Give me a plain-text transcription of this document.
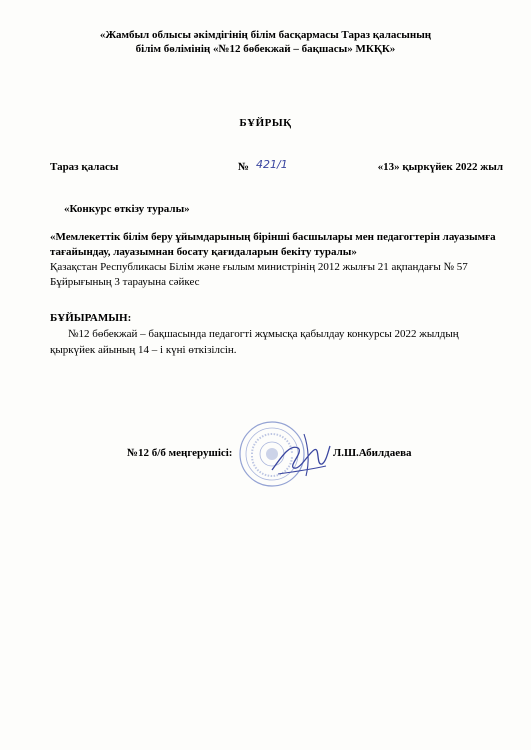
«Жамбыл облысы әкімдігінің білім басқармасы Тараз қаласының
білім бөлімінің «№12 бөбекжай – бақшасы» МКҚК»
БҰЙРЫҚ
Тараз қаласы	№ 421/1	«13» қыркүйек 2022 жыл
«Конкурс өткізу туралы»
«Мемлекеттік білім беру ұйымдарының бірінші басшылары мен педагогтерін лауазымға тағайындау, лауазымнан босату қағидаларын бекіту туралы»
Қазақстан Республикасы Білім және ғылым министрінің 2012 жылғы 21 ақпандағы № 57 Бұйрығының 3 тарауына сәйкес
БҰЙЫРАМЫН:
№12 бөбекжай – бақшасында педагогті жұмысқа қабылдау конкурсы 2022 жылдың қыркүйек айының 14 – і күні өткізілсін.
№12 б/б меңгерушісі:	Л.Ш.Абилдаева
